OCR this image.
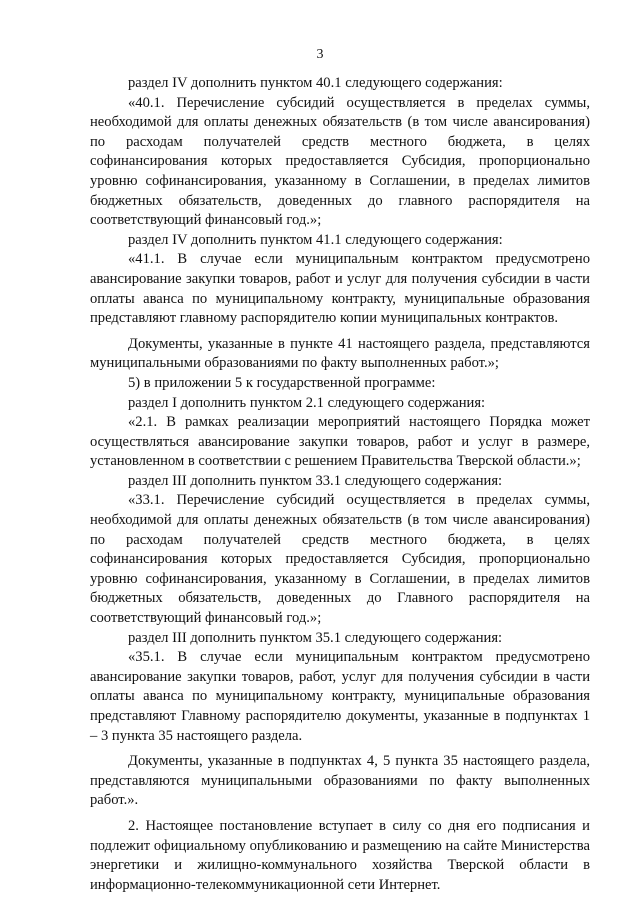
3

раздел IV дополнить пунктом 40.1 следующего содержания:

«40.1. Перечисление субсидий осуществляется в пределах суммы, необходимой для оплаты денежных обязательств (в том числе авансирования) по расходам получателей средств местного бюджета, в целях софинансирования которых предоставляется Субсидия, пропорционально уровню софинансирования, указанному в Соглашении, в пределах лимитов бюджетных обязательств, доведенных до главного распорядителя на соответствующий финансовый год.»;

раздел IV дополнить пунктом 41.1 следующего содержания:

«41.1. В случае если муниципальным контрактом предусмотрено авансирование закупки товаров, работ и услуг для получения субсидии в части оплаты аванса по муниципальному контракту, муниципальные образования представляют главному распорядителю копии муниципальных контрактов.

Документы, указанные в пункте 41 настоящего раздела, представляются муниципальными образованиями по факту выполненных работ.»;

5) в приложении 5 к государственной программе:

раздел I дополнить пунктом 2.1 следующего содержания:

«2.1. В рамках реализации мероприятий настоящего Порядка может осуществляться авансирование закупки товаров, работ и услуг в размере, установленном в соответствии с решением Правительства Тверской области.»;

раздел III дополнить пунктом 33.1 следующего содержания:

«33.1. Перечисление субсидий осуществляется в пределах суммы, необходимой для оплаты денежных обязательств (в том числе авансирования) по расходам получателей средств местного бюджета, в целях софинансирования которых предоставляется Субсидия, пропорционально уровню софинансирования, указанному в Соглашении, в пределах лимитов бюджетных обязательств, доведенных до Главного распорядителя на соответствующий финансовый год.»;

раздел III дополнить пунктом 35.1 следующего содержания:

«35.1. В случае если муниципальным контрактом предусмотрено авансирование закупки товаров, работ, услуг для получения субсидии в части оплаты аванса по муниципальному контракту, муниципальные образования представляют Главному распорядителю документы, указанные в подпунктах 1 – 3 пункта 35 настоящего раздела.

Документы, указанные в подпунктах 4, 5 пункта 35 настоящего раздела, представляются муниципальными образованиями по факту выполненных работ.».

2. Настоящее постановление вступает в силу со дня его подписания и подлежит официальному опубликованию и размещению на сайте Министерства энергетики и жилищно-коммунального хозяйства Тверской области в информационно-телекоммуникационной сети Интернет.
